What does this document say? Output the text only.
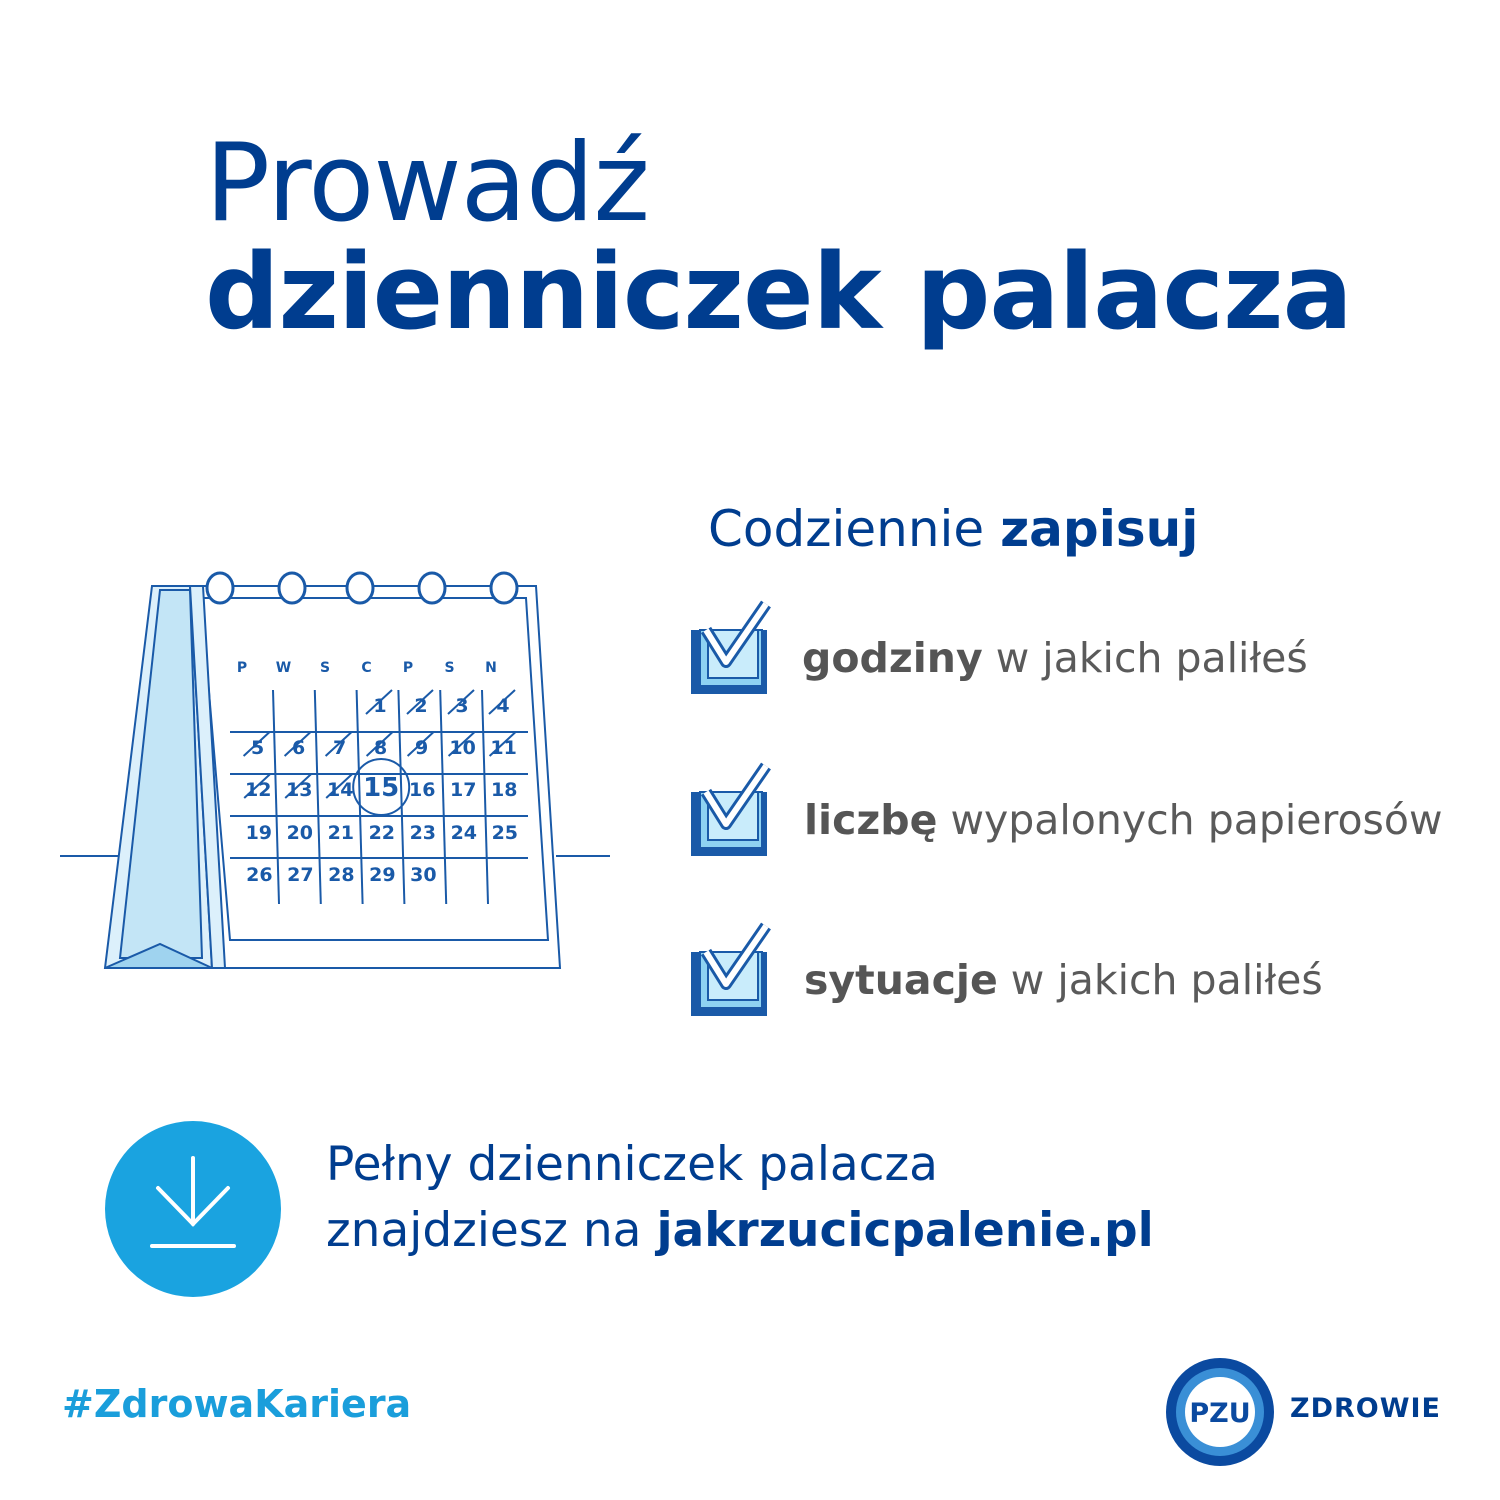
Prowadź
dzienniczek palacza
P W S C P S N
1 2 3 4
5 6 7 8 9 10 11
12 13 14 15 16 17 18
19 20 21 22 23 24 25
26 27 28 29 30
Codziennie zapisuj
godziny w jakich paliłeś
liczbę wypalonych papierosów
sytuacje w jakich paliłeś
Pełny dzienniczek palacza
znajdziesz na jakrzucicpalenie.pl
#ZdrowaKariera	PZU ZDROWIE
